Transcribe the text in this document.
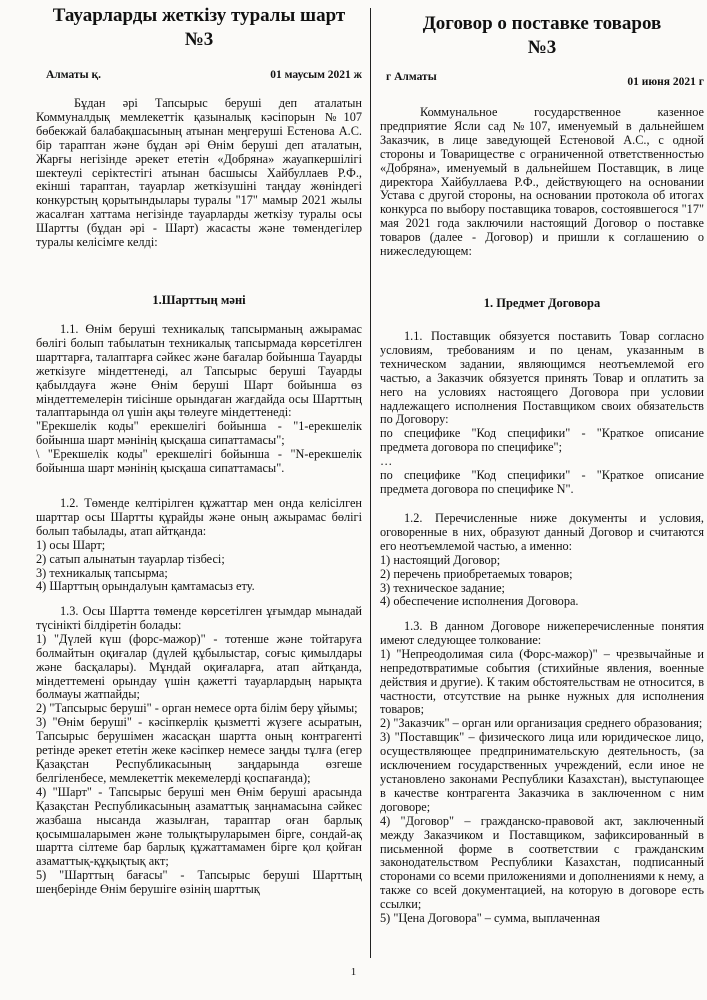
Тауарларды жеткізу туралы шарт
№3
Алматы қ.	01 маусым 2021 ж

Бұдан әрі Тапсырыс беруші деп аталатын Коммуналдық мемлекеттік қазыналық кәсіпорын №107 бөбекжай балабақшасының атынан меңгеруші Естенова А.С. бір тараптан және бұдан әрі Өнім беруші деп аталатын, Жарғы негізінде әрекет ететін «Добряна» жауапкершілігі шектеулі серіктестігі атынан басшысы Хайбуллаев Р.Ф., екінші тараптан, тауарлар жеткізушіні таңдау жөніндегі конкурстың қорытындылары туралы "17" мамыр 2021 жылы жасалған хаттама негізінде тауарларды жеткізу туралы осы Шартты (бұдан әрі - Шарт) жасасты және төмендегілер туралы келісімге келді:

1.Шарттың мәні

1.1. Өнім беруші техникалық тапсырманың ажырамас бөлігі болып табылатын техникалық тапсырмада көрсетілген шарттарға, талаптарға сәйкес және бағалар бойынша Тауарды жеткізуге міндеттенеді, ал Тапсырыс беруші Тауарды қабылдауға және Өнім беруші Шарт бойынша өз міндеттемелерін тиісінше орындаған жағдайда осы Шарттың талаптарында ол үшін ақы төлеуге міндеттенеді:
"Ерекшелік коды" ерекшелігі бойынша - "1-ерекшелік бойынша шарт мәнінің қысқаша сипаттамасы";
\ "Ерекшелік коды" ерекшелігі бойынша - "N-ерекшелік бойынша шарт мәнінің қысқаша сипаттамасы".

1.2. Төменде келтірілген құжаттар мен онда келісілген шарттар осы Шартты құрайды және оның ажырамас бөлігі болып табылады, атап айтқанда:
1) осы Шарт;
2) сатып алынатын тауарлар тізбесі;
3) техникалық тапсырма;
4) Шарттың орындалуын қамтамасыз ету.

1.3. Осы Шартта төменде көрсетілген ұғымдар мынадай түсінікті білдіретін болады:
1) "Дүлей күш (форс-мажор)" - тотенше және тойтаруға болмайтын оқиғалар (дүлей құбылыстар, соғыс қимылдары және басқалары). Мұндай оқиғаларға, атап айтқанда, міндеттемені орындау үшін қажетті тауарлардың нарықта болмауы жатпайды;
2) "Тапсырыс беруші" - орган немесе орта білім беру ұйымы;
3) "Өнім беруші" - кәсіпкерлік қызметті жүзеге асыратын, Тапсырыс берушімен жасасқан шартта оның контрагенті ретінде әрекет ететін жеке кәсіпкер немесе заңды тұлға (егер Қазақстан Республикасының заңдарында өзгеше белгіленбесе, мемлекеттік мекемелерді қоспағанда);
4) "Шарт" - Тапсырыс беруші мен Өнім беруші арасында Қазақстан Республикасының азаматтық заңнамасына сәйкес жазбаша нысанда жазылған, тараптар оған барлық қосымшаларымен және толықтыруларымен бірге, сондай-ақ шартта сілтеме бар барлық құжаттамамен бірге қол қойған азаматтық-құқықтық акт;
5) "Шарттың бағасы" - Тапсырыс беруші Шарттың шеңберінде Өнім берушіге өзінің шарттық

Договор о поставке товаров
№3
г Алматы	01 июня 2021 г

Коммунальное государственное казенное предприятие Ясли сад №107, именуемый в дальнейшем Заказчик, в лице заведующей Естеновой А.С., с одной стороны и Товариществе с ограниченной ответственностью «Добряна», именуемый в дальнейшем Поставщик, в лице директора Хайбуллаева Р.Ф., действующего на основании Устава с другой стороны, на основании протокола об итогах конкурса по выбору поставщика товаров, состоявшегося "17" мая 2021 года заключили настоящий Договор о поставке товаров (далее - Договор) и пришли к соглашению о нижеследующем:

1. Предмет Договора

1.1. Поставщик обязуется поставить Товар согласно условиям, требованиям и по ценам, указанным в техническом задании, являющимся неотъемлемой его частью, а Заказчик обязуется принять Товар и оплатить за него на условиях настоящего Договора при условии надлежащего исполнения Поставщиком своих обязательств по Договору:
по специфике "Код специфики" - "Краткое описание предмета договора по специфике";
…
по специфике "Код специфики" - "Краткое описание предмета договора по специфике N".

1.2. Перечисленные ниже документы и условия, оговоренные в них, образуют данный Договор и считаются его неотъемлемой частью, а именно:
1) настоящий Договор;
2) перечень приобретаемых товаров;
3) техническое задание;
4) обеспечение исполнения Договора.

1.3. В данном Договоре нижеперечисленные понятия имеют следующее толкование:
1) "Непреодолимая сила (Форс-мажор)" – чрезвычайные и непредотвратимые события (стихийные явления, военные действия и другие). К таким обстоятельствам не относится, в частности, отсутствие на рынке нужных для исполнения товаров;
2) "Заказчик" – орган или организация среднего образования;
3) "Поставщик" – физического лица или юридическое лицо, осуществляющее предпринимательскую деятельность, (за исключением государственных учреждений, если иное не установлено законами Республики Казахстан), выступающее в качестве контрагента Заказчика в заключенном с ним договоре;
4) "Договор" – гражданско-правовой акт, заключенный между Заказчиком и Поставщиком, зафиксированный в письменной форме в соответствии с гражданским законодательством Республики Казахстан, подписанный сторонами со всеми приложениями и дополнениями к нему, а также со всей документацией, на которую в договоре есть ссылки;
5) "Цена Договора" – сумма, выплаченная

1
